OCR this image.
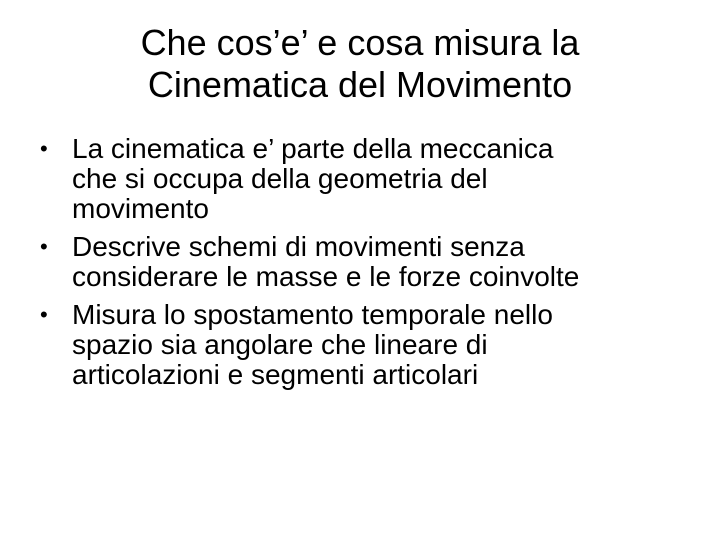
Che cos’e’ e cosa misura la
Cinematica del Movimento
• La cinematica e’ parte della meccanica
che si occupa della geometria del
movimento
• Descrive schemi di movimenti senza
considerare le masse e le forze coinvolte
• Misura lo spostamento temporale nello
spazio sia angolare che lineare di
articolazioni e segmenti articolari
